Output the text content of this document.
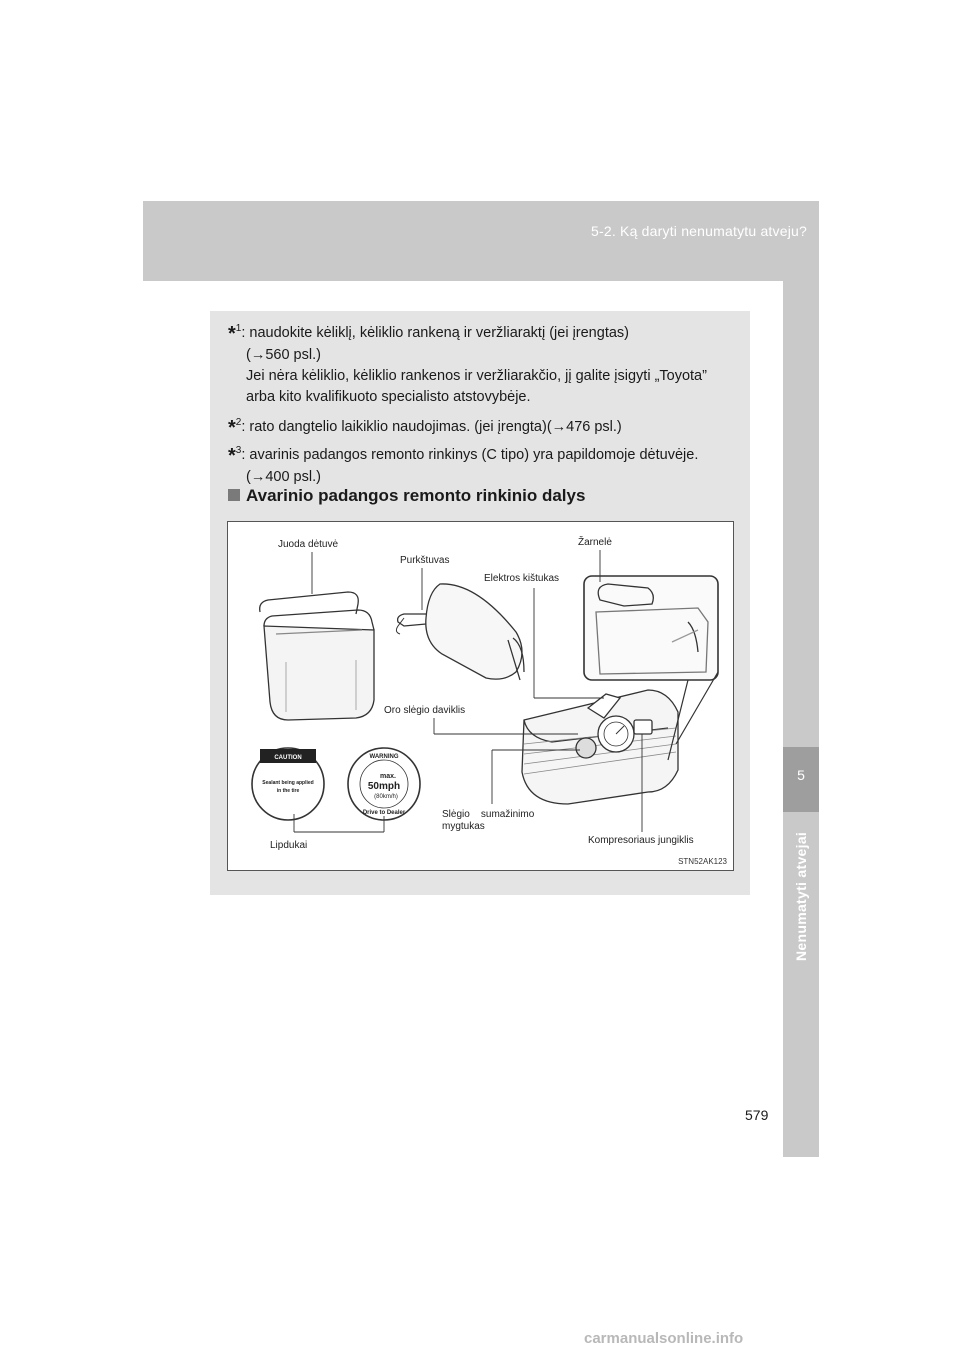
5-2. Ką daryti nenumatytu atveju?
5
Nenumatyti atvejai
*$^1$: naudokite kėliklį, kėliklio rankeną ir veržliaraktį (jei įrengtas)
(→560 psl.)
Jei nėra kėliklio, kėliklio rankenos ir veržliarakčio, jį galite įsigyti „Toyota”
arba kito kvalifikuoto specialisto atstovybėje.
*$^2$: rato dangtelio laikiklio naudojimas. (jei įrengta)(→476 psl.)
*$^3$: avarinis padangos remonto rinkinys (C tipo) yra papildomoje dėtuvėje.
(→400 psl.)
Avarinio padangos remonto rinkinio dalys
CAUTION
Sealant being applied
in the tire
WARNING
max.
50mph
(80km/h)
Drive to Dealer
Juoda dėtuvė
Purkštuvas
Žarnelė
Elektros kištukas
Oro slėgio daviklis
Slėgio    sumažinimo
mygtukas
Kompresoriaus jungiklis
Lipdukai
STN52AK123
579
carmanualsonline.info
